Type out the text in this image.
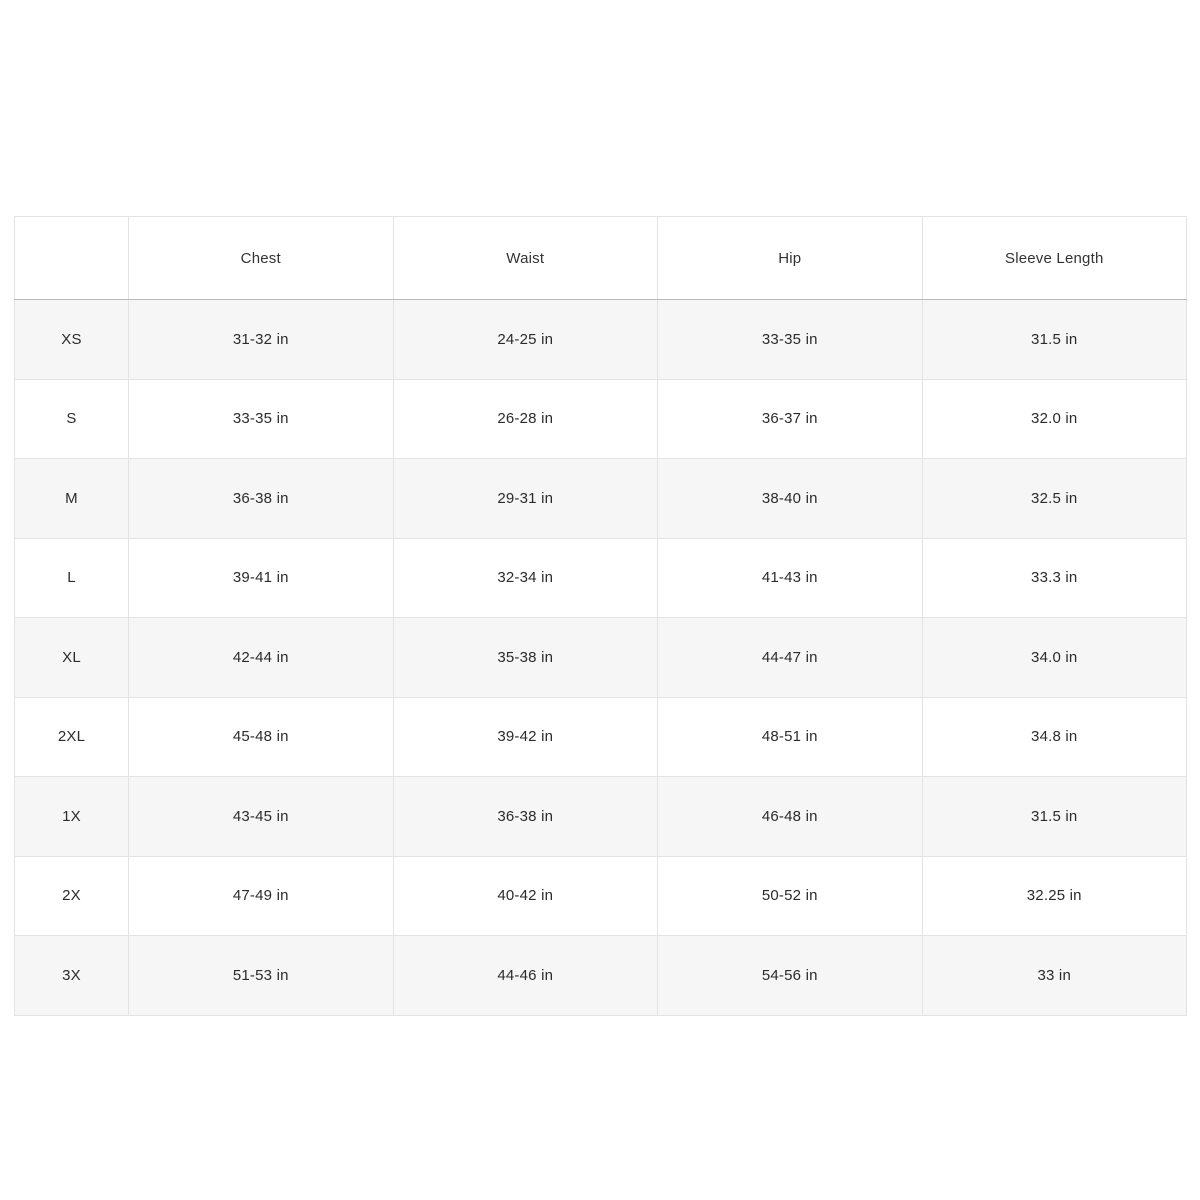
	Chest	Waist	Hip	Sleeve Length
XS	31-32 in	24-25 in	33-35 in	31.5 in
S	33-35 in	26-28 in	36-37 in	32.0 in
M	36-38 in	29-31 in	38-40 in	32.5 in
L	39-41 in	32-34 in	41-43 in	33.3 in
XL	42-44 in	35-38 in	44-47 in	34.0 in
2XL	45-48 in	39-42 in	48-51 in	34.8 in
1X	43-45 in	36-38 in	46-48 in	31.5 in
2X	47-49 in	40-42 in	50-52 in	32.25 in
3X	51-53 in	44-46 in	54-56 in	33 in
